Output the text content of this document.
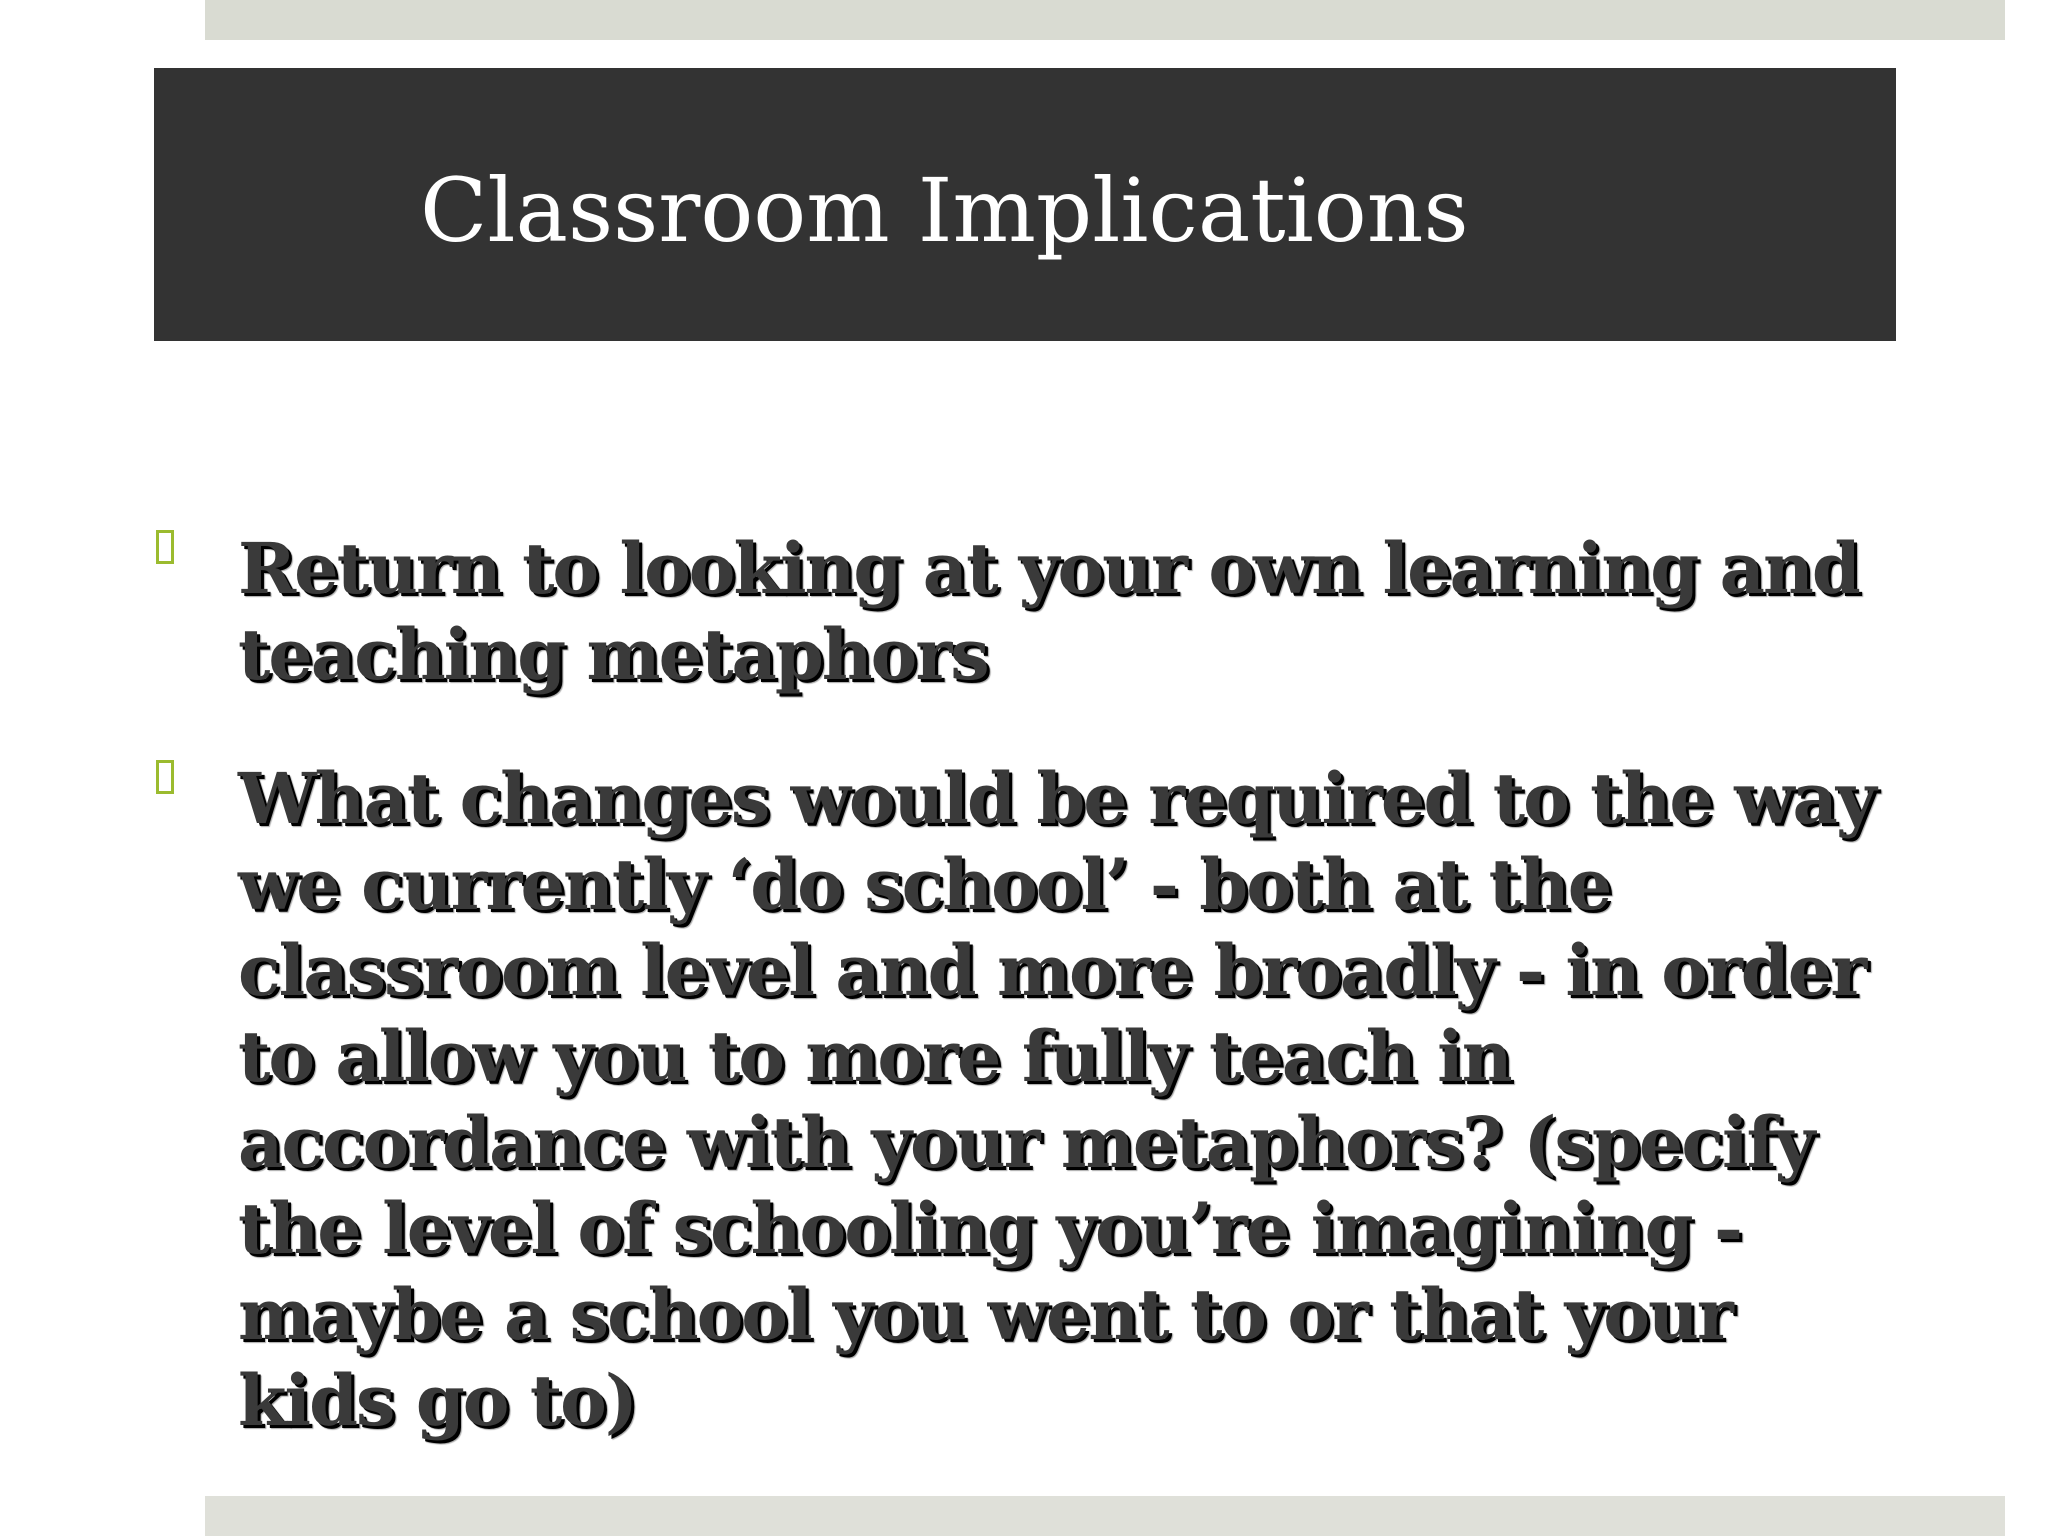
Classroom Implications
Return to looking at your own learning and teaching metaphors
What changes would be required to the way we currently ‘do school’ - both at the classroom level and more broadly - in order to allow you to more fully teach in accordance with your metaphors? (specify the level of schooling you’re imagining - maybe a school you went to or that your kids go to)
